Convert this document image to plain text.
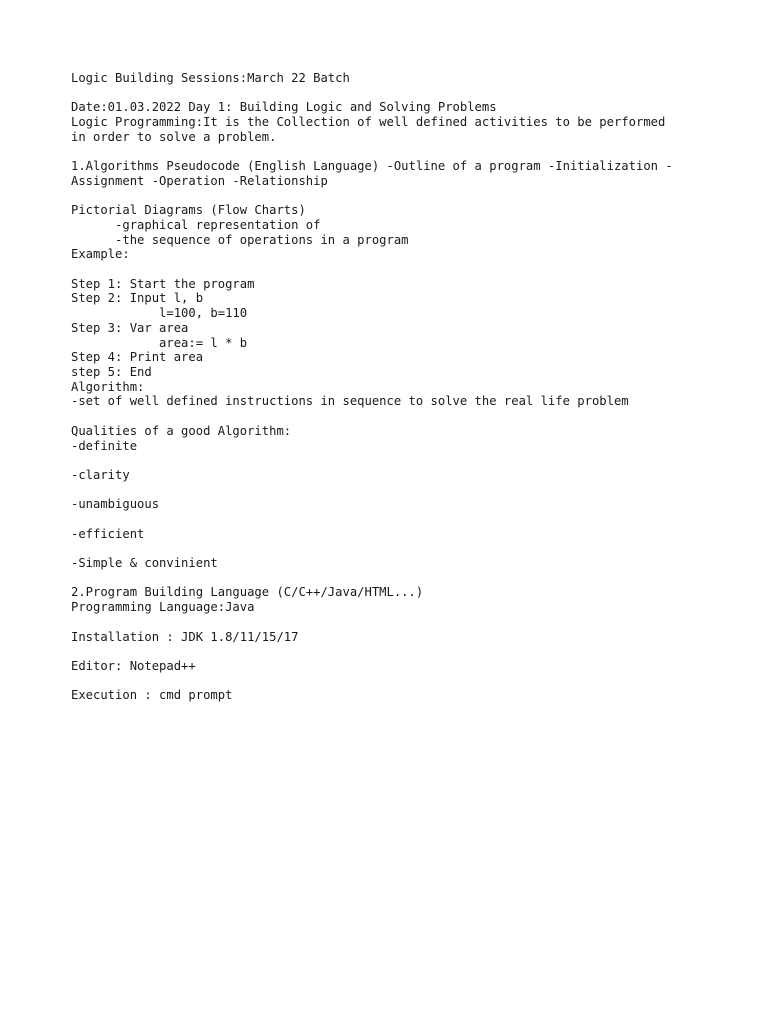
Logic Building Sessions:March 22 Batch
Date:01.03.2022 Day 1: Building Logic and Solving Problems
Logic Programming:It is the Collection of well defined activities to be performed
in order to solve a problem.
1.Algorithms Pseudocode (English Language) -Outline of a program -Initialization -
Assignment -Operation -Relationship
Pictorial Diagrams (Flow Charts)
-graphical representation of
-the sequence of operations in a program
Example:
Step 1: Start the program
Step 2: Input l, b
l=100, b=110
Step 3: Var area
area:= l * b
Step 4: Print area
step 5: End
Algorithm:
-set of well defined instructions in sequence to solve the real life problem
Qualities of a good Algorithm:
-definite
-clarity
-unambiguous
-efficient
-Simple & convinient
2.Program Building Language (C/C++/Java/HTML...)
Programming Language:Java
Installation : JDK 1.8/11/15/17
Editor: Notepad++
Execution : cmd prompt
